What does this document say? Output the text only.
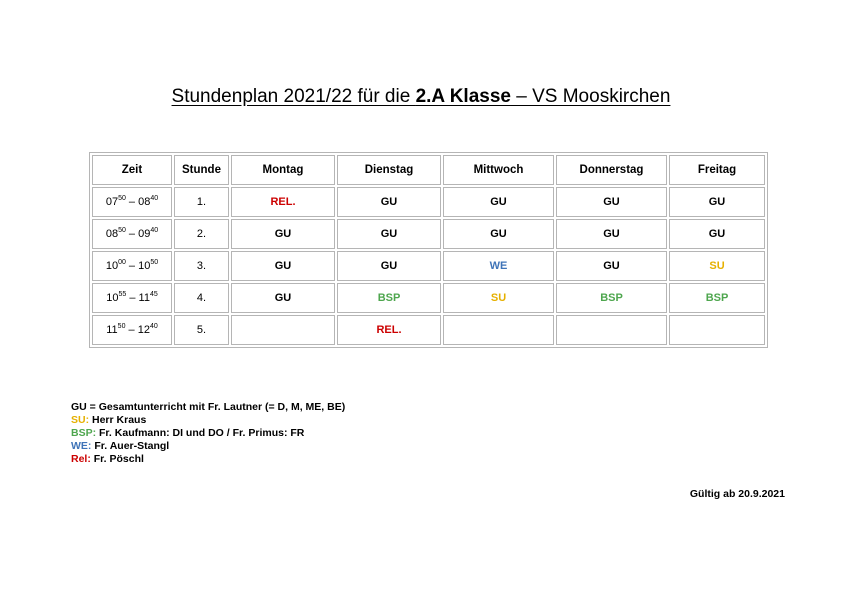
Stundenplan 2021/22 für die 2.A Klasse – VS Mooskirchen
Zeit	Stunde	Montag	Dienstag	Mittwoch	Donnerstag	Freitag
$07^{50} - 08^{40}$	1.	REL.	GU	GU	GU	GU
$08^{50} - 09^{40}$	2.	GU	GU	GU	GU	GU
$10^{00} - 10^{50}$	3.	GU	GU	WE	GU	SU
$10^{55} - 11^{45}$	4.	GU	BSP	SU	BSP	BSP
$11^{50} - 12^{40}$	5.		REL.			
GU = Gesamtunterricht mit Fr. Lautner (= D, M, ME, BE)
SU: Herr Kraus
BSP: Fr. Kaufmann: DI und DO / Fr. Primus: FR
WE: Fr. Auer-Stangl
Rel: Fr. Pöschl
Gültig ab 20.9.2021
